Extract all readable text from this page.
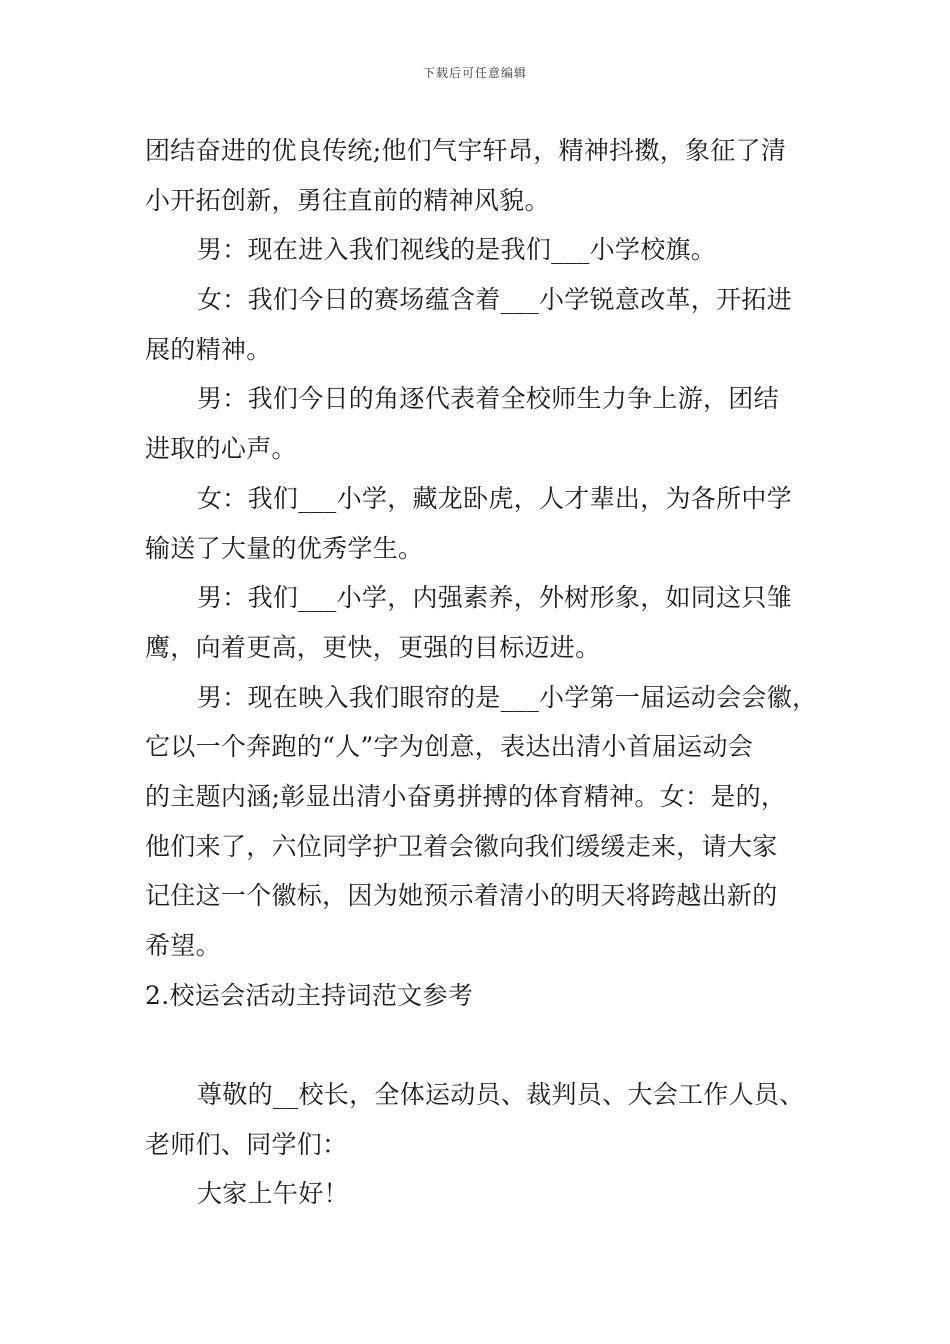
下载后可任意编辑
团结奋进的优良传统;他们气宇轩昂，精神抖擞，象征了清
小开拓创新，勇往直前的精神风貌。
男：现在进入我们视线的是我们___小学校旗。
女：我们今日的赛场蕴含着___小学锐意改革，开拓进
展的精神。
男：我们今日的角逐代表着全校师生力争上游，团结
进取的心声。
女：我们___小学，藏龙卧虎，人才辈出，为各所中学
输送了大量的优秀学生。
男：我们___小学，内强素养，外树形象，如同这只雏
鹰，向着更高，更快，更强的目标迈进。
男：现在映入我们眼帘的是___小学第一届运动会会徽，
它以一个奔跑的“人”字为创意，表达出清小首届运动会
的主题内涵;彰显出清小奋勇拼搏的体育精神。女：是的，
他们来了，六位同学护卫着会徽向我们缓缓走来，请大家
记住这一个徽标，因为她预示着清小的明天将跨越出新的
希望。
2.校运会活动主持词范文参考
尊敬的__校长，全体运动员、裁判员、大会工作人员、
老师们、同学们：
大家上午好！
